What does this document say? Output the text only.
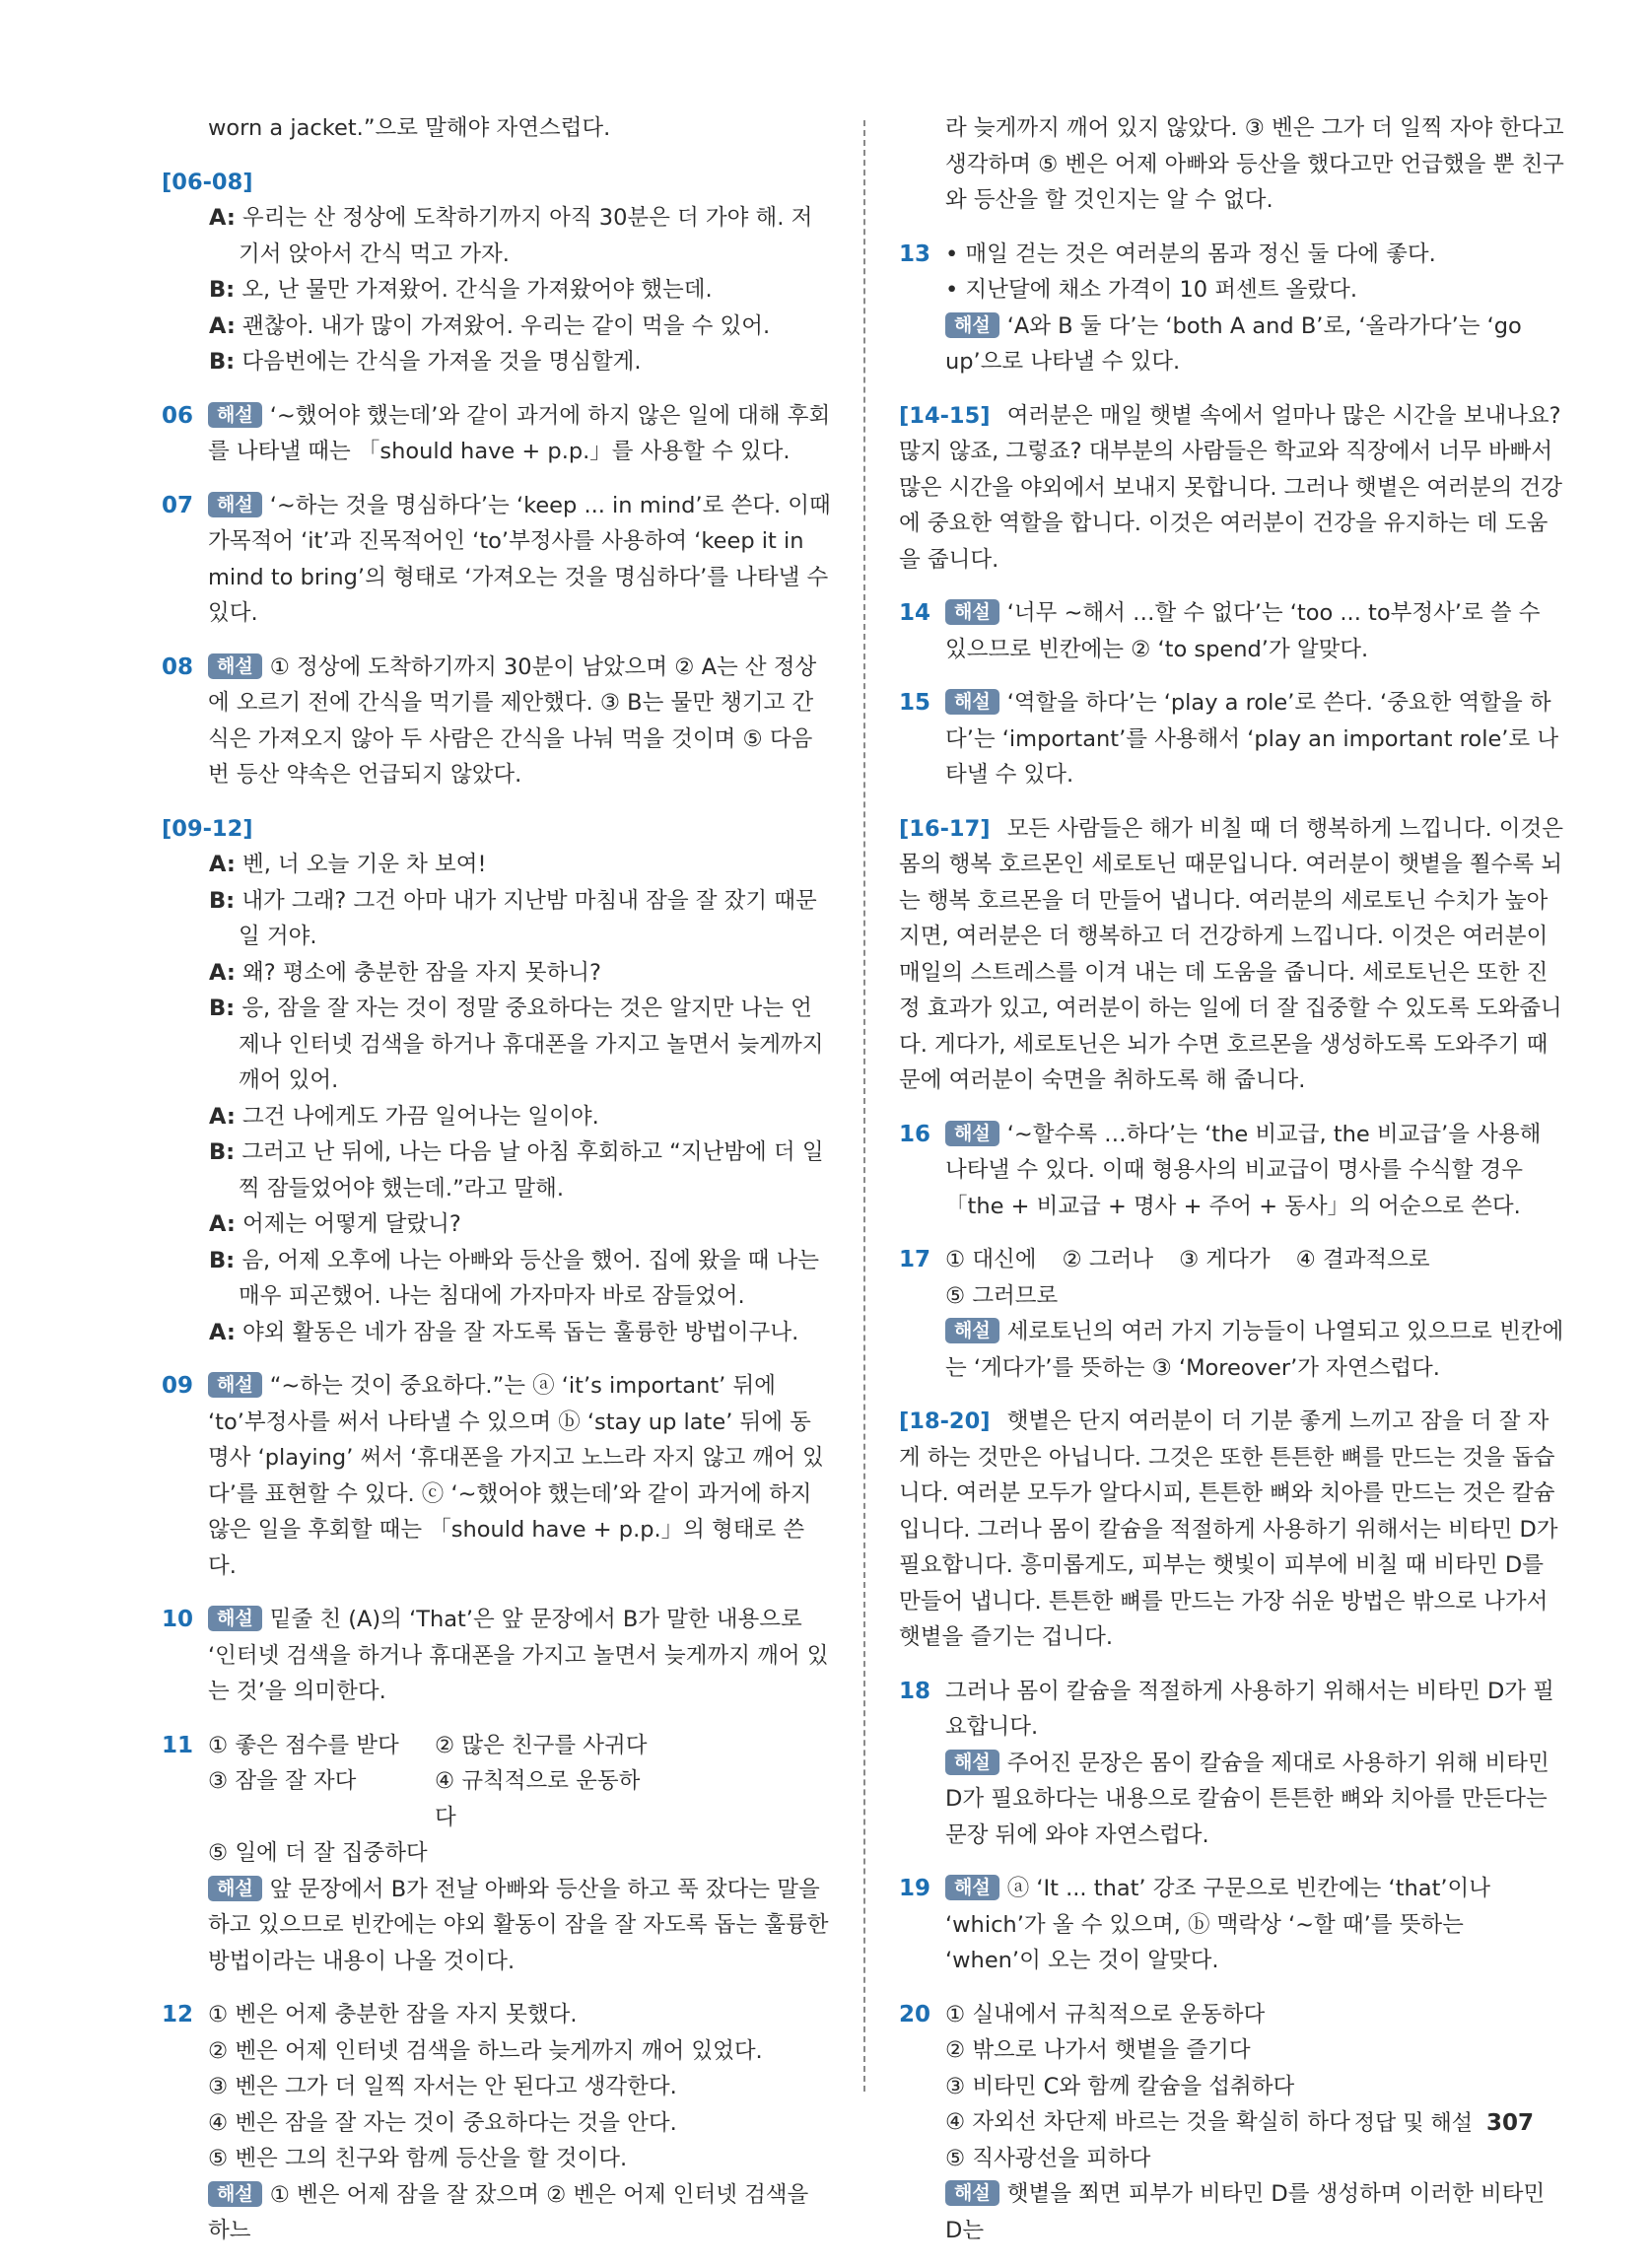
worn a jacket.”으로 말해야 자연스럽다.
[06-08]
A: 우리는 산 정상에 도착하기까지 아직 30분은 더 가야 해. 저기서 앉아서 간식 먹고 가자.
B: 오, 난 물만 가져왔어. 간식을 가져왔어야 했는데.
A: 괜찮아. 내가 많이 가져왔어. 우리는 같이 먹을 수 있어.
B: 다음번에는 간식을 가져올 것을 명심할게.
06 해설 ‘~했어야 했는데’와 같이 과거에 하지 않은 일에 대해 후회를 나타낼 때는 「should have + p.p.」를 사용할 수 있다.
07 해설 ‘~하는 것을 명심하다’는 ‘keep ... in mind’로 쓴다. 이때 가목적어 ‘it’과 진목적어인 ‘to’부정사를 사용하여 ‘keep it in mind to bring’의 형태로 ‘가져오는 것을 명심하다’를 나타낼 수 있다.
08 해설 ① 정상에 도착하기까지 30분이 남았으며 ② A는 산 정상에 오르기 전에 간식을 먹기를 제안했다. ③ B는 물만 챙기고 간식은 가져오지 않아 두 사람은 간식을 나눠 먹을 것이며 ⑤ 다음번 등산 약속은 언급되지 않았다.
[09-12]
A: 벤, 너 오늘 기운 차 보여!
B: 내가 그래? 그건 아마 내가 지난밤 마침내 잠을 잘 잤기 때문일 거야.
A: 왜? 평소에 충분한 잠을 자지 못하니?
B: 응, 잠을 잘 자는 것이 정말 중요하다는 것은 알지만 나는 언제나 인터넷 검색을 하거나 휴대폰을 가지고 놀면서 늦게까지 깨어 있어.
A: 그건 나에게도 가끔 일어나는 일이야.
B: 그러고 난 뒤에, 나는 다음 날 아침 후회하고 “지난밤에 더 일찍 잠들었어야 했는데.”라고 말해.
A: 어제는 어떻게 달랐니?
B: 음, 어제 오후에 나는 아빠와 등산을 했어. 집에 왔을 때 나는 매우 피곤했어. 나는 침대에 가자마자 바로 잠들었어.
A: 야외 활동은 네가 잠을 잘 자도록 돕는 훌륭한 방법이구나.
09 해설 “~하는 것이 중요하다.”는 ⓐ ‘it’s important’ 뒤에 ‘to’부정사를 써서 나타낼 수 있으며 ⓑ ‘stay up late’ 뒤에 동명사 ‘playing’ 써서 ‘휴대폰을 가지고 노느라 자지 않고 깨어 있다’를 표현할 수 있다. ⓒ ‘~했어야 했는데’와 같이 과거에 하지 않은 일을 후회할 때는 「should have + p.p.」의 형태로 쓴다.
10 해설 밑줄 친 (A)의 ‘That’은 앞 문장에서 B가 말한 내용으로 ‘인터넷 검색을 하거나 휴대폰을 가지고 놀면서 늦게까지 깨어 있는 것’을 의미한다.
11 ① 좋은 점수를 받다	② 많은 친구를 사귀다
③ 잠을 잘 자다	④ 규칙적으로 운동하다
⑤ 일에 더 잘 집중하다
해설 앞 문장에서 B가 전날 아빠와 등산을 하고 푹 잤다는 말을 하고 있으므로 빈칸에는 야외 활동이 잠을 잘 자도록 돕는 훌륭한 방법이라는 내용이 나올 것이다.
12 ① 벤은 어제 충분한 잠을 자지 못했다.
② 벤은 어제 인터넷 검색을 하느라 늦게까지 깨어 있었다.
③ 벤은 그가 더 일찍 자서는 안 된다고 생각한다.
④ 벤은 잠을 잘 자는 것이 중요하다는 것을 안다.
⑤ 벤은 그의 친구와 함께 등산을 할 것이다.
해설 ① 벤은 어제 잠을 잘 잤으며 ② 벤은 어제 인터넷 검색을 하느
라 늦게까지 깨어 있지 않았다. ③ 벤은 그가 더 일찍 자야 한다고 생각하며 ⑤ 벤은 어제 아빠와 등산을 했다고만 언급했을 뿐 친구와 등산을 할 것인지는 알 수 없다.
13 • 매일 걷는 것은 여러분의 몸과 정신 둘 다에 좋다.
• 지난달에 채소 가격이 10 퍼센트 올랐다.
해설 ‘A와 B 둘 다’는 ‘both A and B’로, ‘올라가다’는 ‘go up’으로 나타낼 수 있다.
[14-15] 여러분은 매일 햇볕 속에서 얼마나 많은 시간을 보내나요? 많지 않죠, 그렇죠? 대부분의 사람들은 학교와 직장에서 너무 바빠서 많은 시간을 야외에서 보내지 못합니다. 그러나 햇볕은 여러분의 건강에 중요한 역할을 합니다. 이것은 여러분이 건강을 유지하는 데 도움을 줍니다.
14 해설 ‘너무 ~해서 …할 수 없다’는 ‘too ... to부정사’로 쓸 수 있으므로 빈칸에는 ② ‘to spend’가 알맞다.
15 해설 ‘역할을 하다’는 ‘play a role’로 쓴다. ‘중요한 역할을 하다’는 ‘important’를 사용해서 ‘play an important role’로 나타낼 수 있다.
[16-17] 모든 사람들은 해가 비칠 때 더 행복하게 느낍니다. 이것은 몸의 행복 호르몬인 세로토닌 때문입니다. 여러분이 햇볕을 쬘수록 뇌는 행복 호르몬을 더 만들어 냅니다. 여러분의 세로토닌 수치가 높아지면, 여러분은 더 행복하고 더 건강하게 느낍니다. 이것은 여러분이 매일의 스트레스를 이겨 내는 데 도움을 줍니다. 세로토닌은 또한 진정 효과가 있고, 여러분이 하는 일에 더 잘 집중할 수 있도록 도와줍니다. 게다가, 세로토닌은 뇌가 수면 호르몬을 생성하도록 도와주기 때문에 여러분이 숙면을 취하도록 해 줍니다.
16 해설 ‘~할수록 …하다’는 ‘the 비교급, the 비교급’을 사용해 나타낼 수 있다. 이때 형용사의 비교급이 명사를 수식할 경우 「the + 비교급 + 명사 + 주어 + 동사」의 어순으로 쓴다.
17 ① 대신에 ② 그러나 ③ 게다가 ④ 결과적으로
⑤ 그러므로
해설 세로토닌의 여러 가지 기능들이 나열되고 있으므로 빈칸에는 ‘게다가’를 뜻하는 ③ ‘Moreover’가 자연스럽다.
[18-20] 햇볕은 단지 여러분이 더 기분 좋게 느끼고 잠을 더 잘 자게 하는 것만은 아닙니다. 그것은 또한 튼튼한 뼈를 만드는 것을 돕습니다. 여러분 모두가 알다시피, 튼튼한 뼈와 치아를 만드는 것은 칼슘입니다. 그러나 몸이 칼슘을 적절하게 사용하기 위해서는 비타민 D가 필요합니다. 흥미롭게도, 피부는 햇빛이 피부에 비칠 때 비타민 D를 만들어 냅니다. 튼튼한 뼈를 만드는 가장 쉬운 방법은 밖으로 나가서 햇볕을 즐기는 겁니다.
18 그러나 몸이 칼슘을 적절하게 사용하기 위해서는 비타민 D가 필요합니다.
해설 주어진 문장은 몸이 칼슘을 제대로 사용하기 위해 비타민 D가 필요하다는 내용으로 칼슘이 튼튼한 뼈와 치아를 만든다는 문장 뒤에 와야 자연스럽다.
19 해설 ⓐ ‘It ... that’ 강조 구문으로 빈칸에는 ‘that’이나 ‘which’가 올 수 있으며, ⓑ 맥락상 ‘~할 때’를 뜻하는 ‘when’이 오는 것이 알맞다.
20 ① 실내에서 규칙적으로 운동하다
② 밖으로 나가서 햇볕을 즐기다
③ 비타민 C와 함께 칼슘을 섭취하다
④ 자외선 차단제 바르는 것을 확실히 하다
⑤ 직사광선을 피하다
해설 햇볕을 쬐면 피부가 비타민 D를 생성하며 이러한 비타민 D는
정답 및 해설 307
